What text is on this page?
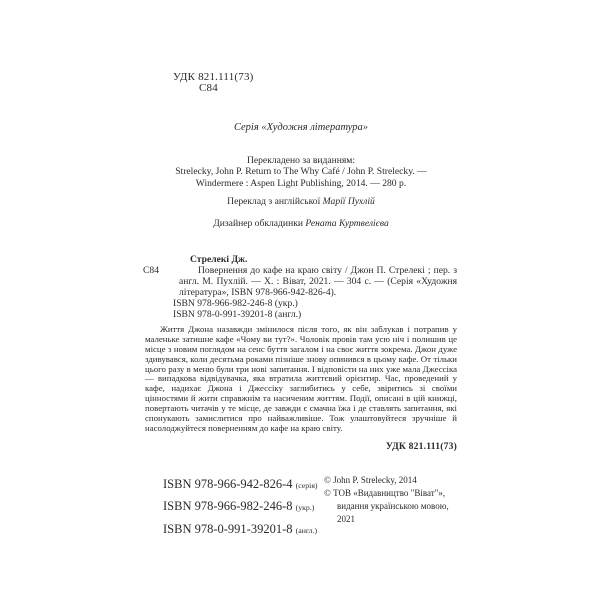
УДК 821.111(73)
С84
Серія «Художня література»
Перекладено за виданням:
Strelecky, John P. Return to The Why Café / John P. Strelecky. —
Windermere : Aspen Light Publishing, 2014. — 280 p.
Переклад з англійської Марії Пухлій
Дизайнер обкладинки Рената Куртвелієва
Стрелекі Дж.
С84	Повернення до кафе на краю світу / Джон П. Стрелекі ; пер. з англ. М. Пухлій. — Х. : Віват, 2021. — 304 с. — (Серія «Художня література», ISBN 978-966-942-826-4).
ISBN 978-966-982-246-8 (укр.)
ISBN 978-0-991-39201-8 (англ.)
Життя Джона назавжди змінилося після того, як він заблукав і потрапив у маленьке затишне кафе «Чому ви тут?». Чоловік провів там усю ніч і полишив це місце з новим поглядом на сенс буття загалом і на своє життя зокрема. Джон дуже здивувався, коли десятьма роками пізніше знову опинився в цьому кафе. От тільки цього разу в меню були три нові запитання. І відповісти на них уже мала Джессіка — випадкова відвідувачка, яка втратила життєвий орієнтир. Час, проведений у кафе, надихає Джона і Джессіку заглибитись у себе, звіритись зі своїми цінностями й жити справжнім та насиченим життям. Події, описані в цій книжці, повертають читачів у те місце, де завжди є смачна їжа і де ставлять запитання, які спонукають замислитися про найважливіше. Тож улаштовуйтеся зручніше й насолоджуйтеся поверненням до кафе на краю світу.
УДК 821.111(73)
ISBN 978-966-942-826-4 (серія)
ISBN 978-966-982-246-8 (укр.)
ISBN 978-0-991-39201-8 (англ.)
© John P. Strelecky, 2014
© ТОВ «Видавництво "Віват"», видання українською мовою, 2021
